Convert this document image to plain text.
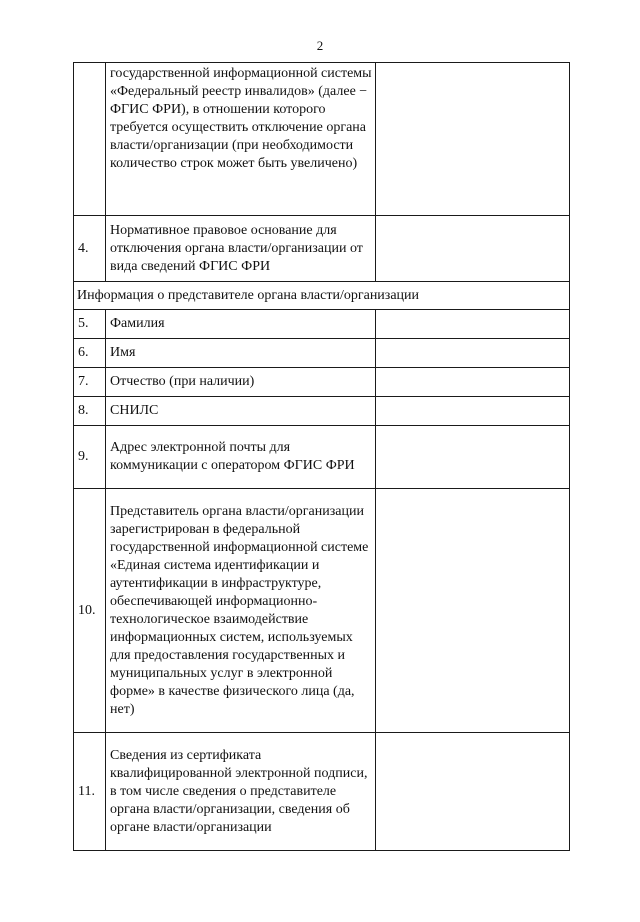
2
	государственной информационной системы «Федеральный реестр инвалидов» (далее − ФГИС ФРИ), в отношении которого требуется осуществить отключение органа власти/организации (при необходимости количество строк может быть увеличено)	
4.	Нормативное правовое основание для отключения органа власти/организации от вида сведений ФГИС ФРИ	
Информация о представителе органа власти/организации		
5.	Фамилия	
6.	Имя	
7.	Отчество (при наличии)	
8.	СНИЛС	
9.	Адрес электронной почты для коммуникации с оператором ФГИС ФРИ	
10.	Представитель органа власти/организации зарегистрирован в федеральной государственной информационной системе «Единая система идентификации и аутентификации в инфраструктуре, обеспечивающей информационно-технологическое взаимодействие информационных систем, используемых для предоставления государственных и муниципальных услуг в электронной форме» в качестве физического лица (да, нет)	
11.	Сведения из сертификата квалифицированной электронной подписи, в том числе сведения о представителе органа власти/организации, сведения об органе власти/организации	
